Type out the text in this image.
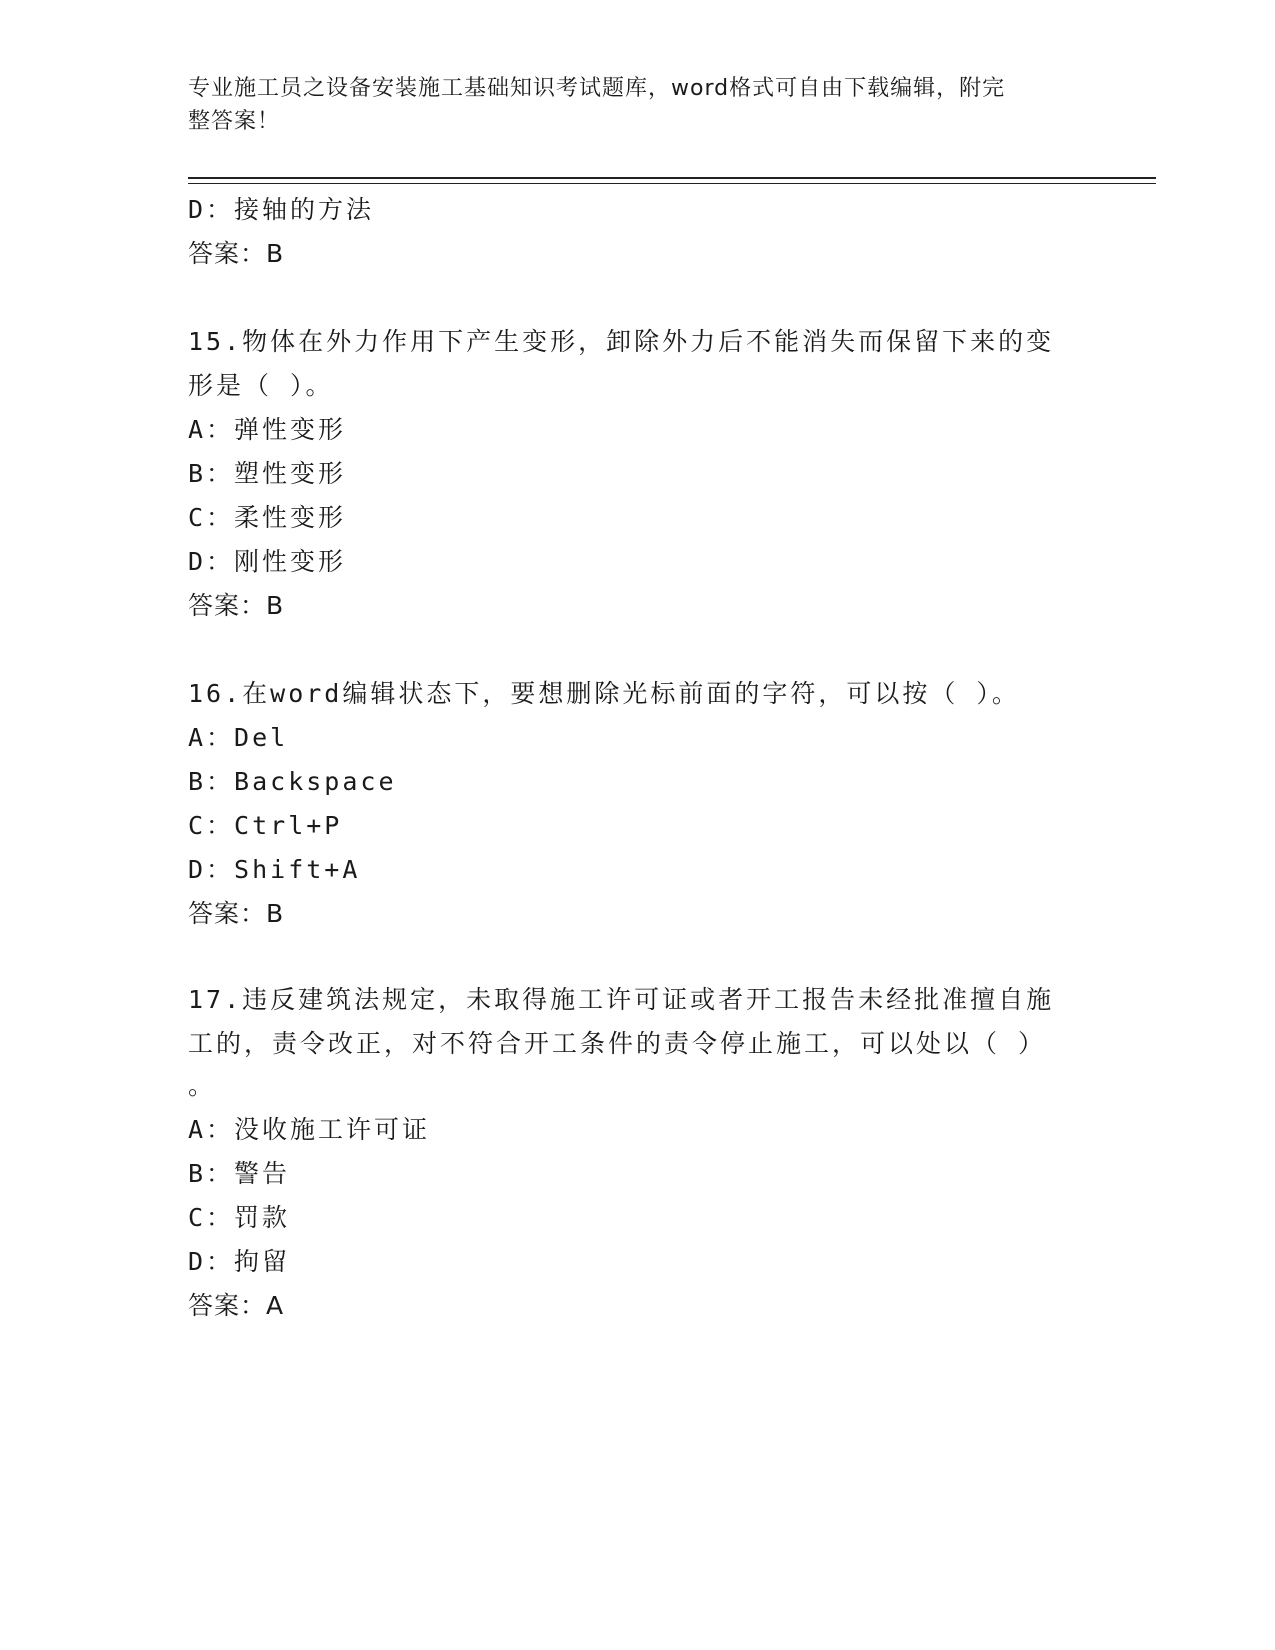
专业施工员之设备安装施工基础知识考试题库，word格式可自由下载编辑，附完
整答案！
D：接轴的方法
答案：B
15.物体在外力作用下产生变形，卸除外力后不能消失而保留下来的变
形是（ ）。
A：弹性变形
B：塑性变形
C：柔性变形
D：刚性变形
答案：B
16.在word编辑状态下，要想删除光标前面的字符，可以按（ ）。
A：Del
B：Backspace
C：Ctrl+P
D：Shift+A
答案：B
17.违反建筑法规定，未取得施工许可证或者开工报告未经批准擅自施
工的，责令改正，对不符合开工条件的责令停止施工，可以处以（ ）
。
A：没收施工许可证
B：警告
C：罚款
D：拘留
答案：A
